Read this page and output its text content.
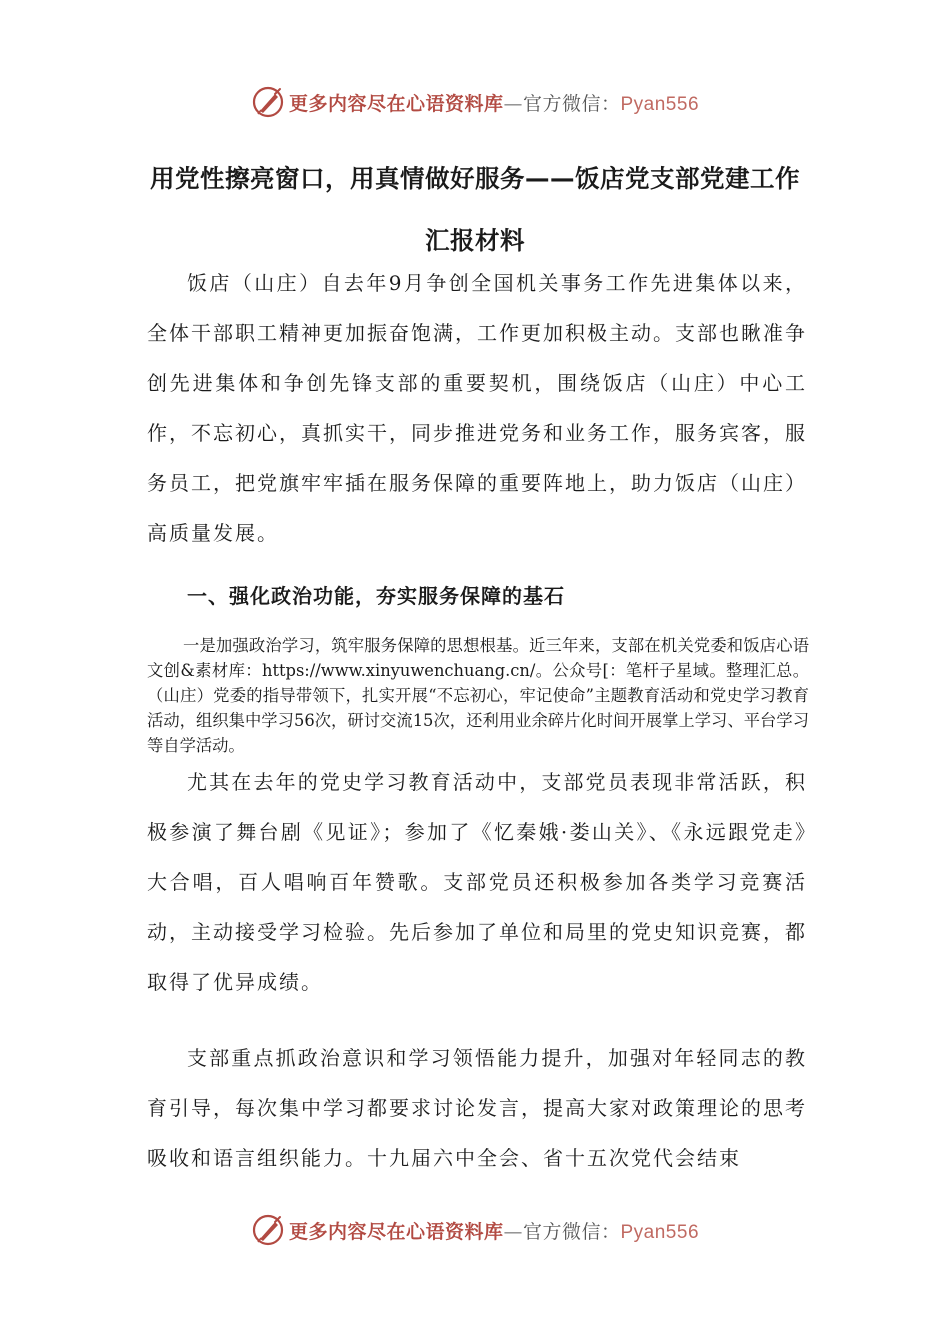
更多内容尽在心语资料库—官方微信：Pyan556
用党性擦亮窗口，用真情做好服务——饭店党支部党建工作汇报材料

饭店（山庄）自去年9月争创全国机关事务工作先进集体以来，全体干部职工精神更加振奋饱满，工作更加积极主动。支部也瞅准争创先进集体和争创先锋支部的重要契机，围绕饭店（山庄）中心工作，不忘初心，真抓实干，同步推进党务和业务工作，服务宾客，服务员工，把党旗牢牢插在服务保障的重要阵地上，助力饭店（山庄）高质量发展。

一、强化政治功能，夯实服务保障的基石

一是加强政治学习，筑牢服务保障的思想根基。近三年来，支部在机关党委和饭店心语文创&素材库：https://www.xinyuwenchuang.cn/。公众号[：笔杆子星域。整理汇总。（山庄）党委的指导带领下，扎实开展“不忘初心，牢记使命”主题教育活动和党史学习教育活动，组织集中学习56次，研讨交流15次，还利用业余碎片化时间开展掌上学习、平台学习等自学活动。

尤其在去年的党史学习教育活动中，支部党员表现非常活跃，积极参演了舞台剧《见证》；参加了《忆秦娥·娄山关》、《永远跟党走》大合唱，百人唱响百年赞歌。支部党员还积极参加各类学习竞赛活动，主动接受学习检验。先后参加了单位和局里的党史知识竞赛，都取得了优异成绩。

支部重点抓政治意识和学习领悟能力提升，加强对年轻同志的教育引导，每次集中学习都要求讨论发言，提高大家对政策理论的思考吸收和语言组织能力。十九届六中全会、省十五次党代会结束

更多内容尽在心语资料库—官方微信：Pyan556
